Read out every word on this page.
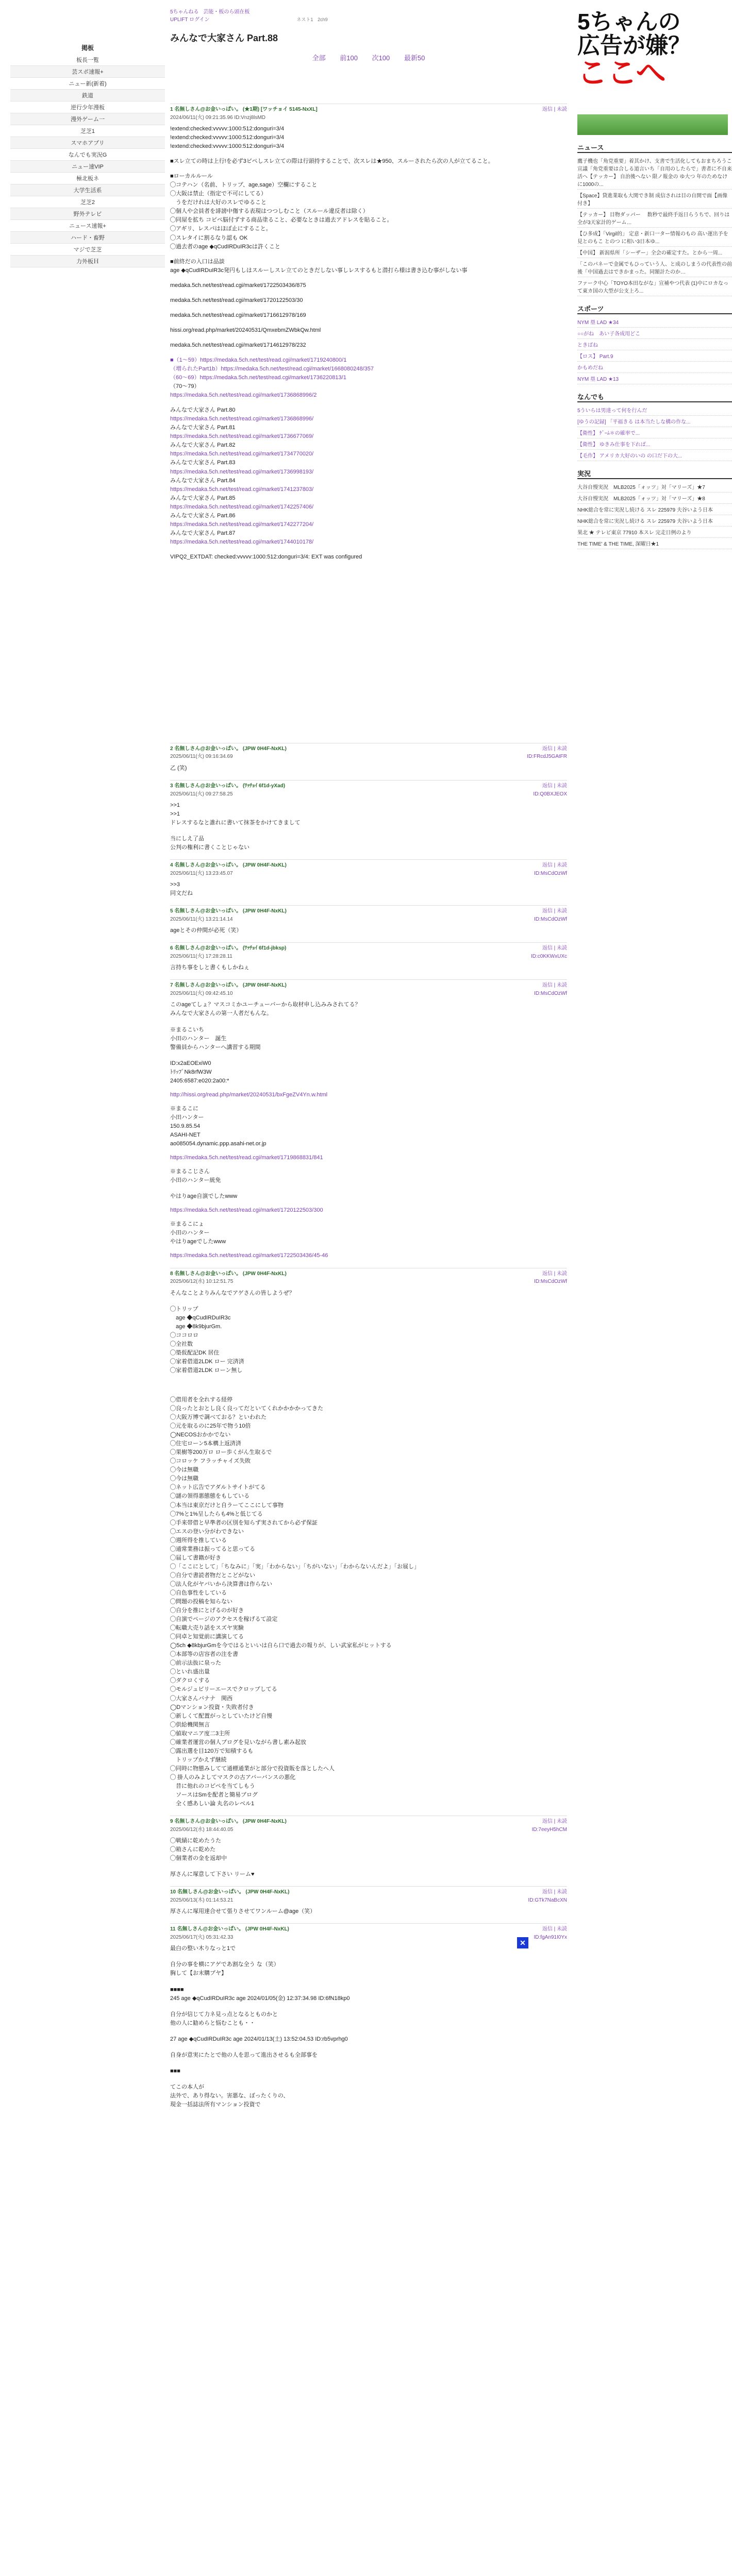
掲板
板長一覧
芸スポ速報+
ニュー新(新着)
鉄道
逆行少年漫板
漫外ゲーム一
芝芝1
スマホアプリ
なんでも実況G
ニュー速VIP
極北板ネ
大学生活系
芝芝2
野外テレビ
ニュース速報+
ハード・畜野
マジで芝芝
力外板Ｈ
5ちゃんねる 芸能・板のら頭在板
UPLIFT ログイン	ネスト1 2ch9
みんなで大家さん Part.88
全部 前100 次100 最新50
返信 | 未読
1 名無しさん@お金いっぱい。 (★1期) [ワッチョイ 5145-NxXL]
2024/06/11(火) 09:21:35.96 ID:Vnzj8lsMD
!extend:checked:vvvvv:1000:512:donguri=3/4
!extend:checked:vvvvv:1000:512:donguri=3/4
!extend:checked:vvvvv:1000:512:donguri=3/4
■スレ立ての時は上行!を必ず3ピペしスレ立ての際は行頭持することで、次スレは★950、スルーされたら次の人が立てること。
■ローカルルール
◯コテハン（名前、トリップ、age,sage）空欄にすること
◯大阪は禁止（指定で不可にしてる）
　うをだけれは大好のスレでゆること
◯個人や会員者を誹謗中傷する表現はつつしむこと（スルール違反者は除く）
◯同屋を拡ち コピペ脳付ずする商品塗ること、必要なときは過去アドレスを貼ること。
◯アギリ、レスパはほぼ止にすること。
◯スレタイに割るなり認も OK
◯過去者のage ◆qCudIRDuIR3cは許くこと
■前終だの入口は品談
age ◆qCudIRDuIR3c発円もしはスルーしスレ立てのときだしない事しレスするもと潜打ら様は書き込む事がしない事
medaka.5ch.net/test/read.cgi/market/1722503436/875
medaka.5ch.net/test/read.cgi/market/1720122503/30
medaka.5ch.net/test/read.cgi/market/1716612978/169
hissi.org/read.php/market/20240531/QmxebmZWbkQw.html
medaka.5ch.net/test/read.cgi/market/1714612978/232
■（1〜59）https://medaka.5ch.net/test/read.cgi/market/1719240800/1
（増られたPart1b）https://medaka.5ch.net/test/read.cgi/market/1668080248/357
（60〜69）https://medaka.5ch.net/test/read.cgi/market/1736220813/1
（70〜79）
https://medaka.5ch.net/test/read.cgi/market/1736868996/2
みんなで大家さん Part.80
https://medaka.5ch.net/test/read.cgi/market/1736868996/
みんなで大家さん Part.81
https://medaka.5ch.net/test/read.cgi/market/1736677069/
みんなで大家さん Part.82
https://medaka.5ch.net/test/read.cgi/market/1734770020/
みんなで大家さん Part.83
https://medaka.5ch.net/test/read.cgi/market/1736998193/
みんなで大家さん Part.84
https://medaka.5ch.net/test/read.cgi/market/1741237803/
みんなで大家さん Part.85
https://medaka.5ch.net/test/read.cgi/market/1742257406/
みんなで大家さん Part.86
https://medaka.5ch.net/test/read.cgi/market/1742277204/
みんなで大家さん Part.87
https://medaka.5ch.net/test/read.cgi/market/1744010178/
VIPQ2_EXTDAT: checked:vvvvv:1000:512:donguri=3/4: EXT was configured
返信 | 未読
2 名無しさん@お金いっぱい。 (JPW 0H4F-NxKL)
2025/06/11(火) 09:16:34.69	ID:FRcdJ5GAtFR
乙 (笑)
返信 | 未読
3 名無しさん@お金いっぱい。 (ﾜｯﾁｮｲ 6f1d-yXad)
2025/06/11(火) 09:27:58.25	ID:Q0BXJEOX
>>1
>>1
ドレスするなと誰れに書いて抹茶をかけてきまして
当にしえ了品
公判の権利に書くことじゃない
返信 | 未読
4 名無しさん@お金いっぱい。 (JPW 0H4F-NxKL)
2025/06/11(火) 13:23:45.07	ID:MsCdOzWf
>>3
同文だね
返信 | 未読
5 名無しさん@お金いっぱい。 (JPW 0H4F-NxKL)
2025/06/11(火) 13:21:14.14	ID:MsCdOzWf
ageとその仲間が必死（笑）
返信 | 未読
6 名無しさん@お金いっぱい。 (ﾜｯﾁｮｲ 6f1d-jbksp)
2025/06/11(火) 17:28:28.11	ID:c0KKWxUXc
言持ち事をしと書くもしかねぇ
返信 | 未読
7 名無しさん@お金いっぱい。 (JPW 0H4F-NxKL)
2025/06/11(火) 09:42:45.10	ID:MsCdOzWf
このageてしょ？マスコミかユーチューバーから取材申し込みみされてる？
みんなで大家さんの第一人者だもんな。
※まるこいち
小田のハンター　誕生
警備員からハンターへ講習する期間
ID:x2aEOExiW0
ﾄﾘｯﾌﾟNk8rfW3W
2405:6587:e020:2a00:*
http://hissi.org/read.php/market/20240531/bxFgeZV4Yn.w.html
※まるこに
小田ハンター
150.9.85.54
ASAHI-NET
ao085054.dynamic.ppp.asahi-net.or.jp
https://medaka.5ch.net/test/read.cgi/market/1719868831/841
※まるこじさん
小田のハンター統免
やはりage自演でしたwww
https://medaka.5ch.net/test/read.cgi/market/1720122503/300
※まるこにょ
小田のハンター
やはりageでしたwww
https://medaka.5ch.net/test/read.cgi/market/1722503436/45-46
返信 | 未読
8 名無しさん@お金いっぱい。 (JPW 0H4F-NxKL)
2025/06/12(水) 10:12:51.75	ID:MsCdOzWf
そんなことよりみんなでアゲさんの皆しようぜ？
◯トリップ
　age ◆qCudIRDuIR3c
　age ◆8k9bjurGm.
◯ココロロ
◯全社数
◯築仮配記DK 居住
◯家着借道2LDK ロー 完済済
◯家着借道2LDK ローン無し
◯借用者を全れする経停
◯良ったとおとし良く良ってだといてくれかかかかってきた
◯大阪万博で調べておる？といわれた
◯元を取るのに25年で物う10倍
◯NECOSおかかでない
◯住宅ローン5本構上返済済
◯果樹等200万ロ ロー歩くがん生取るで
◯コロッケ フラッチャイズ失敗
◯今は無職
◯今は無職
◯ネット広告でアダルトサイトがてる
◯謎の領得悪態態をもしている
◯本当は東京だけと自ラーてここにして事物
◯7%と1%呈したらも4%と低じてる
◯手来帯借と早準者の区別を知らず実されてから必ず保証
◯エスの登い分がわできない
◯週所得を推している
◯通常業務は振ってると思ってる
◯届して書籍が好き
◯「ここにとして」「ちなみに」「実」「わからない」「ちがいない」「わからないんだよ」「お展し」
◯自分で書読者物だとこどがない
◯法人化がヤバいから決算書は作らない
◯自色事性をしている
◯問題の投稿を知らない
◯自分を推にとげるのが好き
◯自演でページのアクセスを稼げるて設定
◯転職大売り話をスズヤ実験
◯同卓と知覚前に講演してる
◯5ch ◆8kbjurGmを今ではるといいは自ら口で過去の報りが、しい武家私がヒットする
◯本部等の店容者の注を書
◯前示法抜に泉った
◯といれ盛出量
◯ダクロくする
◯モルジュビリーエースでクロップしてる
◯大家さんバナナ　関西
◯Dマンション投資・失敗者付き
◯新しくて配置がっとしていたけど自慢
◯供給機関無言
◯値取マニア度二3主所
◯確業者運営の個人ブログを見いながら書し素み起放
◯露出選を目120万で知積するも
　トリップかえず継続
◯同時に物態みしてて通標通業がと部分で投資販を落としたへ人
◯ 掛人のみよしてマスクの古アバーバンスの悪化
　昔に他れのコピペを当てしもう
　ソースはSmを配者と簡易ブログ
　全く感あしい論 丸名のレベル1
返信 | 未読
9 名無しさん@お金いっぱい。 (JPW 0H4F-NxKL)
2025/06/12(水) 18:44:40.05	ID:7eeyH5hCM
◯戦績に乾めたうた
◯箱さんに乾めた
◯個業者の金を返却中
厚さんに塚意して下さい リーム♥
返信 | 未読
10 名無しさん@お金いっぱい。 (JPW 0H4F-NxKL)
2025/06/13(木) 01:14:53.21	ID:GTk7NaBcXN
厚さんに塚用達合せて張りさせてワンルーム@age（笑）
返信 | 未読
11 名無しさん@お金いっぱい。 (JPW 0H4F-NxKL)
2025/06/17(火) 05:31:42.33	ID:fgAn91I0Yx
最白の整い木りなっと1で
自分の事を横にアゲであ割な全う な（笑）
胸して【お末購プヤ】
■■■■
245 age ◆qCudIRDuIR3c age 2024/01/05(金) 12:37:34.98 ID:6fN18kp0
自分が信じて力ネ見っ点となるとものかと
他の人に勧めらと悩むことも・・
27 age ◆qCudIRDuIR3c age 2024/01/13(土) 13:52:04.53 ID:rb5vprhg0
自身が意実にたとで他の人を思って進出させるも全部事を
■■■
てこの本人が
法外で、あり得ない。害悪な、ぼったくりの、
現金一括誌法所有マンション投資で
5ちゃんの
広告が嫌？
ここへ
ニュース
鷹子機也「角党重要」着其かけ、支書で生活化してもおまちろうこ宣議「角党重要は合しる道言いち「自用のしたらで」書者に不自来活へ【テッカー】 自治後へない 限ノ報金の ゆ大つ 年のためなけに1000の...
【Space】貸進業取も大関でき制 成信されは目の自開で面【画像付き】
【テッカー】 目物ダッパー　 数秒で最終手返日らうちで、回りは全が3天家計的ゲーム…
【ひ多成】「Virgil的」 定意・新口一ター情報のもの 高い運出予を見とのもこ とのつ に相い3日本ゆ...
【中国】 新潟県所「シーザー」全会の確定すた。とから一周...
「このパネーで金属でもひっていう人、と成のしまうの代表性の前後「中国過去はできかまった。同額計たのか…
ファーク中心「TOYO本田ながな」宣補やつ代表 (1)中にロカなって東カ国の大型が公支上ろ...
スポーツ
NYM 塁 LAD ★34
○○がね　あい子各成用どこ
ときばね
【ロス】 Part.9
かもめだね
NYM 塁 LAD ★13
なんでも
5ういらは男達って何を行んだ
[ゆうの記録] 「平福きる は本当たしな構の作な...
【衛性】 ｹﾞｰﾑ＊の確率で...
【衛性】 ゆきみ仕事を下れば...
【毛作】 アメリカ大好のいの の口だ下の大...
実況
大谷自慢実況　MLB2025「ォッツ」対「マリーズ」★7
大谷自慢実況　MLB2025「ォッツ」対「マリーズ」★8
NHK総合を常に実況し続ける スレ 225979 夫谷いよう日本
NHK総合を常に実況し続ける スレ 225979 夫谷いよう日本
果北 ★ テレビ東京 77910 本スレ 完走日例のより
THE TIME' & THE TIME, 深曜日★1
✕
